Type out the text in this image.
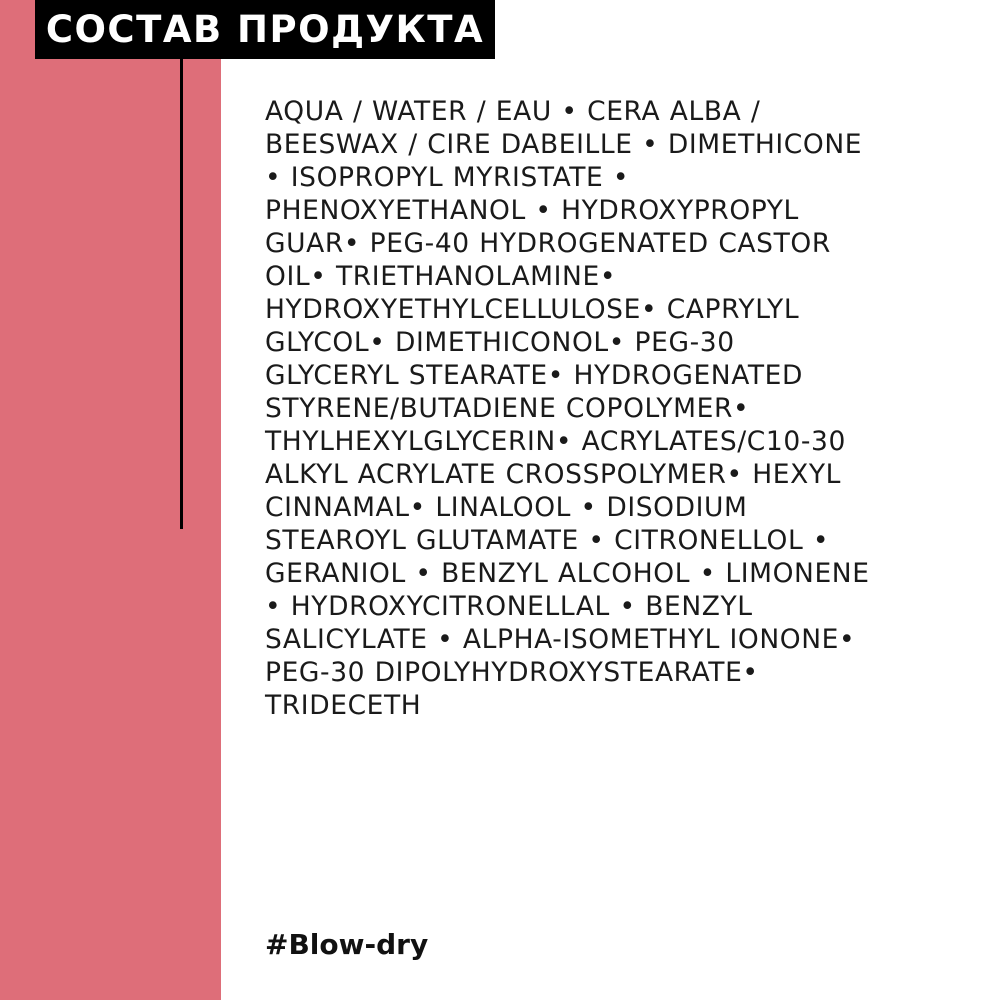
СОСТАВ ПРОДУКТА

AQUA / WATER / EAU • CERA ALBA /
BEESWAX / CIRE DABEILLE • DIMETHICONE
• ISOPROPYL MYRISTATE •
PHENOXYETHANOL • HYDROXYPROPYL
GUAR• PEG-40 HYDROGENATED CASTOR
OIL• TRIETHANOLAMINE•
HYDROXYETHYLCELLULOSE• CAPRYLYL
GLYCOL• DIMETHICONOL• PEG-30
GLYCERYL STEARATE• HYDROGENATED
STYRENE/BUTADIENE COPOLYMER•
THYLHEXYLGLYCERIN• ACRYLATES/C10-30
ALKYL ACRYLATE CROSSPOLYMER• HEXYL
CINNAMAL• LINALOOL • DISODIUM
STEAROYL GLUTAMATE • CITRONELLOL •
GERANIOL • BENZYL ALCOHOL • LIMONENE
• HYDROXYCITRONELLAL • BENZYL
SALICYLATE • ALPHA-ISOMETHYL IONONE•
PEG-30 DIPOLYHYDROXYSTEARATE•
TRIDECETH

#Blow-dry
